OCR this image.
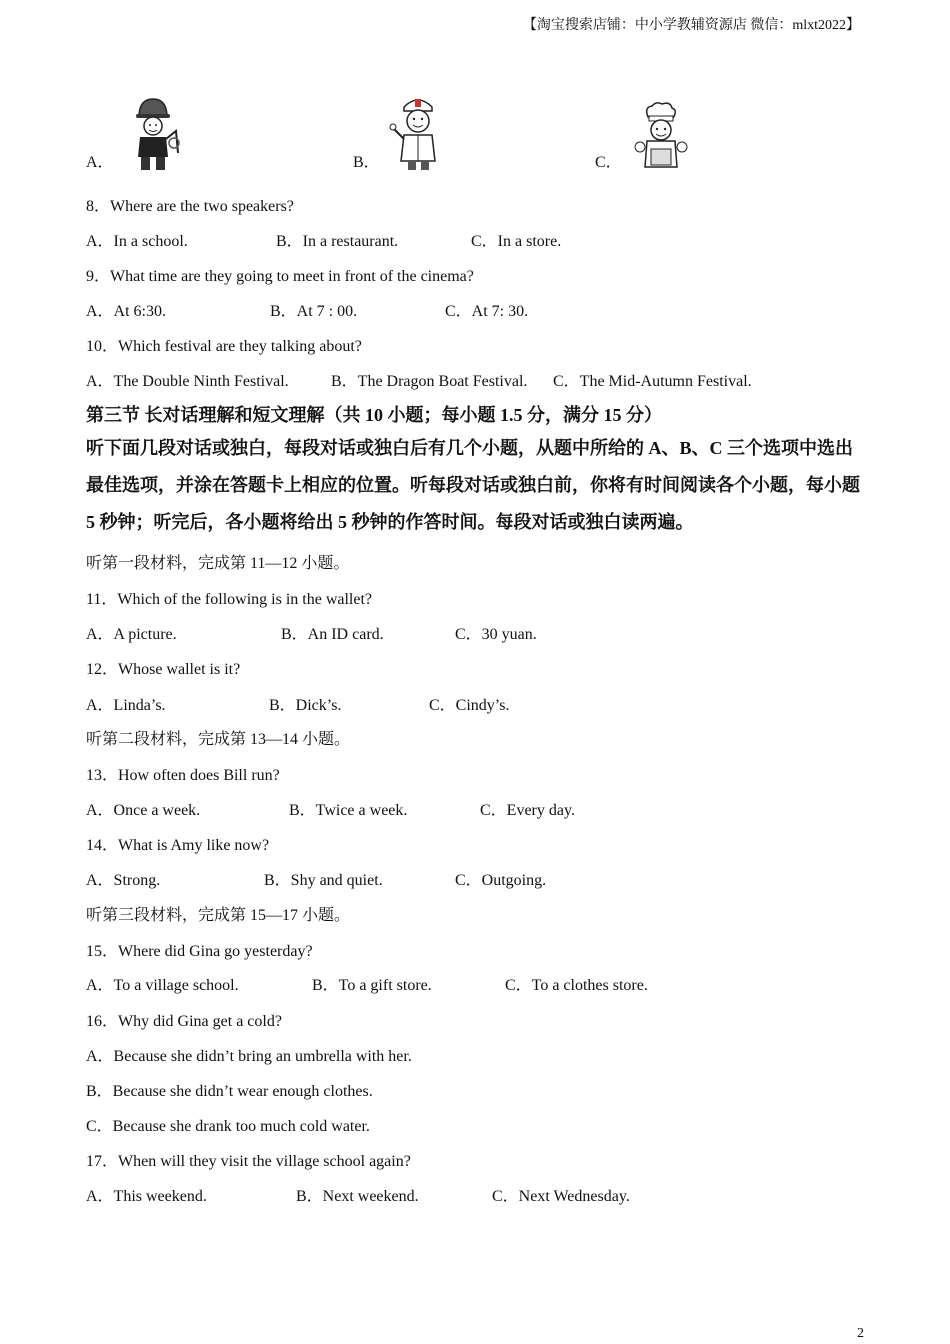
【淘宝搜索店铺：中小学教辅资源店 微信：mlxt2022】
A．	B．	C．
8．Where are the two speakers?
A．In a school.	B．In a restaurant.	C．In a store.
9．What time are they going to meet in front of the cinema?
A．At 6:30.	B．At 7 : 00.	C．At 7: 30.
10．Which festival are they talking about?
A．The Double Ninth Festival.	B．The Dragon Boat Festival.	C．The Mid-Autumn Festival.
第三节 长对话理解和短文理解（共 10 小题；每小题 1.5 分，满分 15 分）
听下面几段对话或独白，每段对话或独白后有几个小题，从题中所给的 A、B、C 三个选项中选出最佳选项，并涂在答题卡上相应的位置。听每段对话或独白前，你将有时间阅读各个小题，每小题 5 秒钟；听完后，各小题将给出 5 秒钟的作答时间。每段对话或独白读两遍。
听第一段材料，完成第 11—12 小题。
11．Which of the following is in the wallet?
A．A picture.	B．An ID card.	C．30 yuan.
12．Whose wallet is it?
A．Linda’s.	B．Dick’s.	C．Cindy’s.
听第二段材料，完成第 13—14 小题。
13．How often does Bill run?
A．Once a week.	B．Twice a week.	C．Every day.
14．What is Amy like now?
A．Strong.	B．Shy and quiet.	C．Outgoing.
听第三段材料，完成第 15—17 小题。
15．Where did Gina go yesterday?
A．To a village school.	B．To a gift store.	C．To a clothes store.
16．Why did Gina get a cold?
A．Because she didn’t bring an umbrella with her.
B．Because she didn’t wear enough clothes.
C．Because she drank too much cold water.
17．When will they visit the village school again?
A．This weekend.	B．Next weekend.	C．Next Wednesday.
2
